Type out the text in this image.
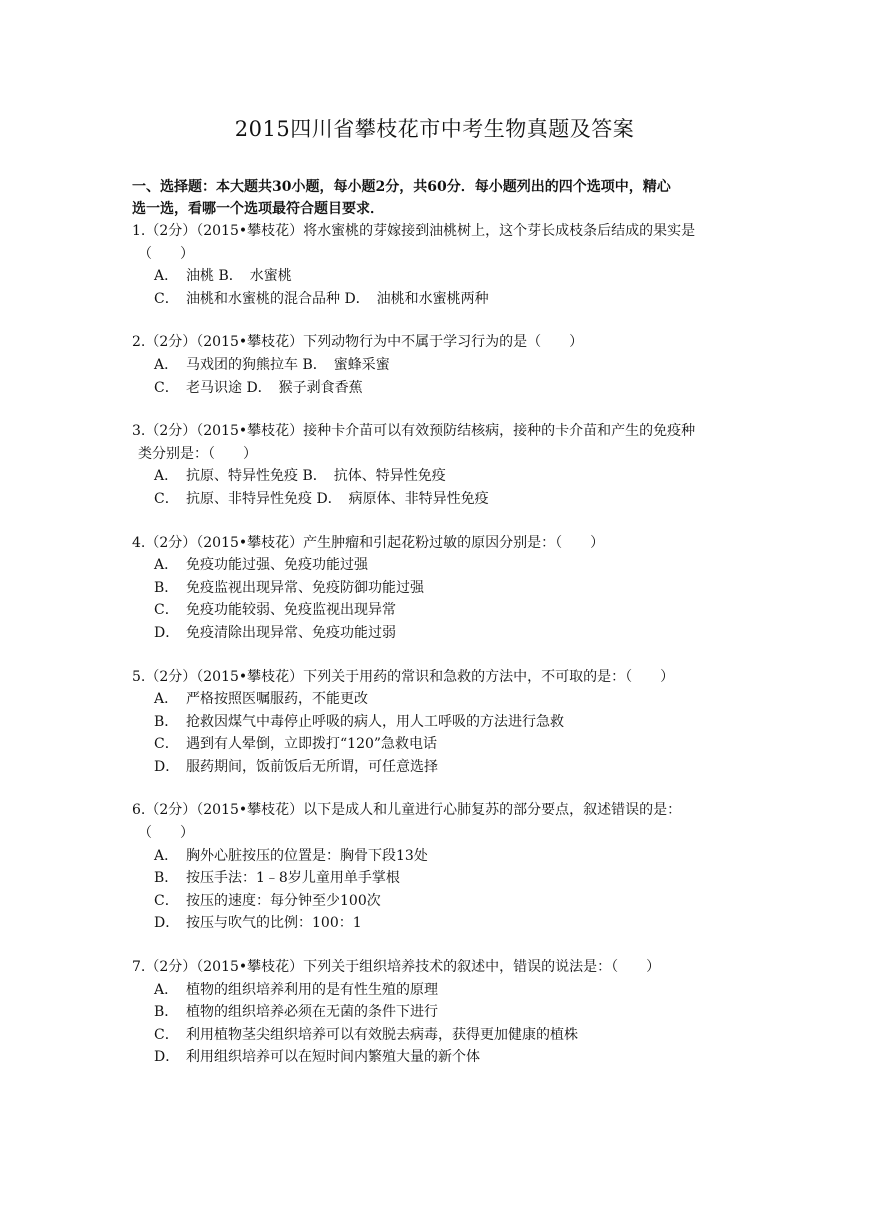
2015四川省攀枝花市中考生物真题及答案
一、选择题：本大题共30小题，每小题2分，共60分．每小题列出的四个选项中，精心
选一选，看哪一个选项最符合题目要求．

1.（2分）（2015•攀枝花）将水蜜桃的芽嫁接到油桃树上，这个芽长成枝条后结成的果实是

（　　）

A． 油桃 B．　水蜜桃

C． 油桃和水蜜桃的混合品种 D．　油桃和水蜜桃两种

2.（2分）（2015•攀枝花）下列动物行为中不属于学习行为的是（　　）

A． 马戏团的狗熊拉车 B．　蜜蜂采蜜

C． 老马识途 D．　猴子剥食香蕉

3.（2分）（2015•攀枝花）接种卡介苗可以有效预防结核病，接种的卡介苗和产生的免疫种

类分别是：（　　）

A． 抗原、特异性免疫 B．　抗体、特异性免疫

C． 抗原、非特异性免疫 D．　病原体、非特异性免疫

4.（2分）（2015•攀枝花）产生肿瘤和引起花粉过敏的原因分别是：（　　）

A． 免疫功能过强、免疫功能过强

B． 免疫监视出现异常、免疫防御功能过强

C． 免疫功能较弱、免疫监视出现异常

D． 免疫清除出现异常、免疫功能过弱

5.（2分）（2015•攀枝花）下列关于用药的常识和急救的方法中，不可取的是：（　　）

A． 严格按照医嘱服药，不能更改

B． 抢救因煤气中毒停止呼吸的病人，用人工呼吸的方法进行急救

C． 遇到有人晕倒，立即拨打“120”急救电话

D． 服药期间，饭前饭后无所谓，可任意选择

6.（2分）（2015•攀枝花）以下是成人和儿童进行心肺复苏的部分要点，叙述错误的是：

（　　）

A． 胸外心脏按压的位置是：胸骨下段13处

B． 按压手法：1﹣8岁儿童用单手掌根

C． 按压的速度：每分钟至少100次

D． 按压与吹气的比例：100：1

7.（2分）（2015•攀枝花）下列关于组织培养技术的叙述中，错误的说法是：（　　）

A． 植物的组织培养利用的是有性生殖的原理

B． 植物的组织培养必须在无菌的条件下进行

C． 利用植物茎尖组织培养可以有效脱去病毒，获得更加健康的植株

D． 利用组织培养可以在短时间内繁殖大量的新个体
